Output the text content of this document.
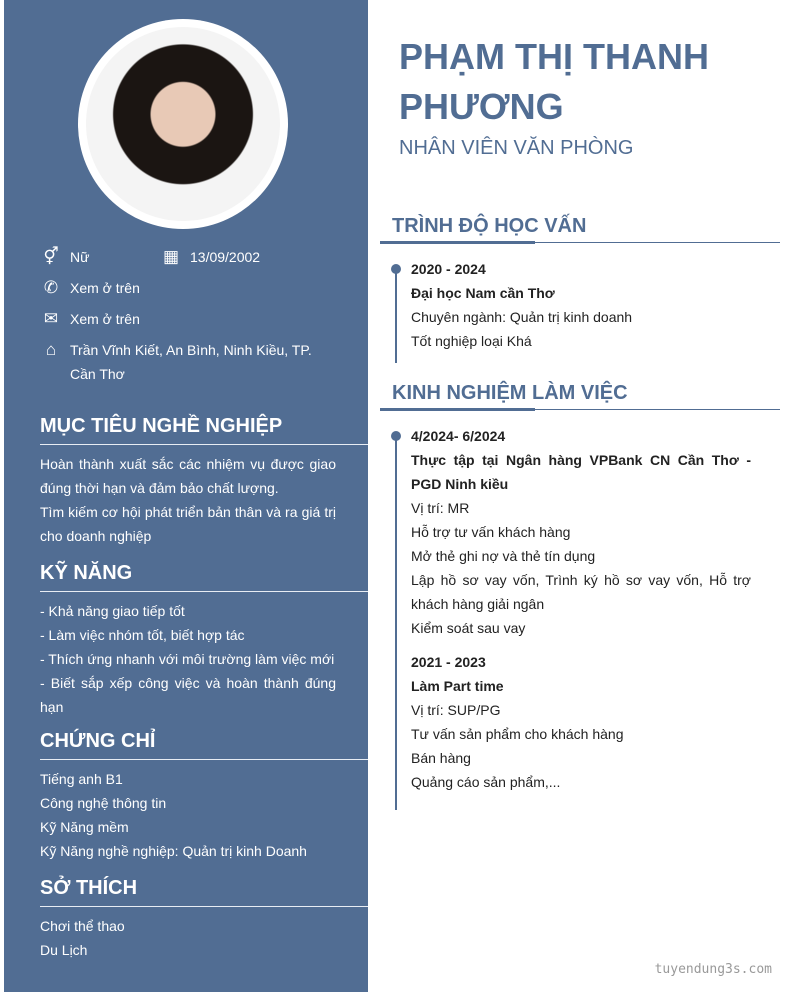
⚥ Nữ	▦ 13/09/2002
✆ Xem ở trên
✉ Xem ở trên
⌂ Trần Vĩnh Kiết, An Bình, Ninh Kiều, TP. Cần Thơ
MỤC TIÊU NGHỀ NGHIỆP
Hoàn thành xuất sắc các nhiệm vụ được giao đúng thời hạn và đảm bảo chất lượng.
Tìm kiếm cơ hội phát triển bản thân và ra giá trị cho doanh nghiệp
KỸ NĂNG
- Khả năng giao tiếp tốt
- Làm việc nhóm tốt, biết hợp tác
- Thích ứng nhanh với môi trường làm việc mới
- Biết sắp xếp công việc và hoàn thành đúng hạn
CHỨNG CHỈ
Tiếng anh B1
Công nghệ thông tin
Kỹ Năng mềm
Kỹ Năng nghề nghiệp: Quản trị kinh Doanh
SỞ THÍCH
Chơi thể thao
Du Lịch
PHẠM THỊ THANH PHƯƠNG
NHÂN VIÊN VĂN PHÒNG
TRÌNH ĐỘ HỌC VẤN
2020 - 2024
Đại học Nam cần Thơ
Chuyên ngành: Quản trị kinh doanh
Tốt nghiệp loại Khá
KINH NGHIỆM LÀM VIỆC
4/2024- 6/2024
Thực tập tại Ngân hàng VPBank CN Cần Thơ - PGD Ninh kiều
Vị trí: MR
Hỗ trợ tư vấn khách hàng
Mở thẻ ghi nợ và thẻ tín dụng
Lập hồ sơ vay vốn, Trình ký hồ sơ vay vốn, Hỗ trợ khách hàng giải ngân
Kiểm soát sau vay
2021 - 2023
Làm Part time
Vị trí: SUP/PG
Tư vấn sản phẩm cho khách hàng
Bán hàng
Quảng cáo sản phẩm,...
tuyendung3s.com
